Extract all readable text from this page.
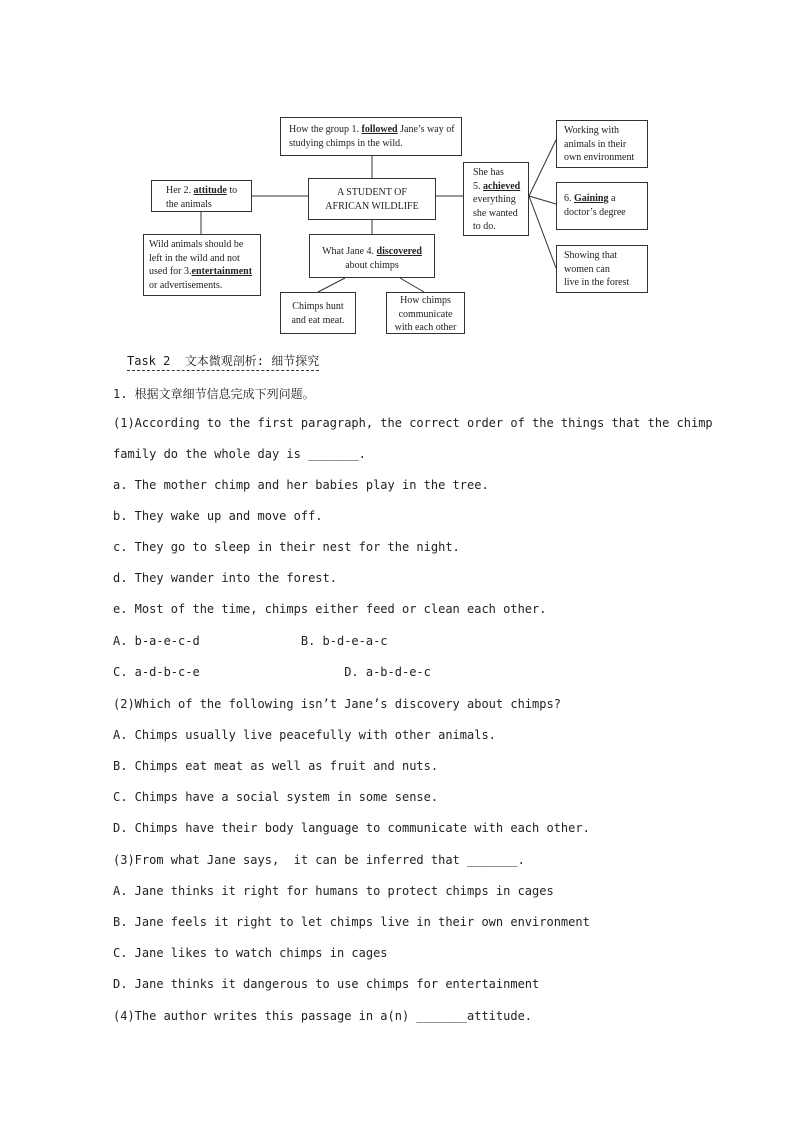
How the group 1. followed Jane’s way of studying chimps in the wild.
A STUDENT OF
AFRICAN WILDLIFE
Her 2. attitude to the animals
Wild animals should be
left in the wild and not
used for 3.entertainment
or advertisements.
What Jane 4. discovered
about chimps
Chimps hunt
and eat meat.
How chimps
communicate
with each other
She has
5. achieved
everything
she wanted
to do.
Working with
animals in their
own environment
6. Gaining a
doctor’s degree
Showing that
women can
live in the forest
Task 2  文本微观剖析: 细节探究
1. 根据文章细节信息完成下列问题。
(1)According to the first paragraph, the correct order of the things that the chimp
family do the whole day is _______.
a. The mother chimp and her babies play in the tree.
b. They wake up and move off.
c. They go to sleep in their nest for the night.
d. They wander into the forest.
e. Most of the time, chimps either feed or clean each other.
A. b-a-e-c-d              B. b-d-e-a-c
C. a-d-b-c-e                    D. a-b-d-e-c
(2)Which of the following isn’t Jane’s discovery about chimps?
A. Chimps usually live peacefully with other animals.
B. Chimps eat meat as well as fruit and nuts.
C. Chimps have a social system in some sense.
D. Chimps have their body language to communicate with each other.
(3)From what Jane says,  it can be inferred that _______.
A. Jane thinks it right for humans to protect chimps in cages
B. Jane feels it right to let chimps live in their own environment
C. Jane likes to watch chimps in cages
D. Jane thinks it dangerous to use chimps for entertainment
(4)The author writes this passage in a(n) _______attitude.
